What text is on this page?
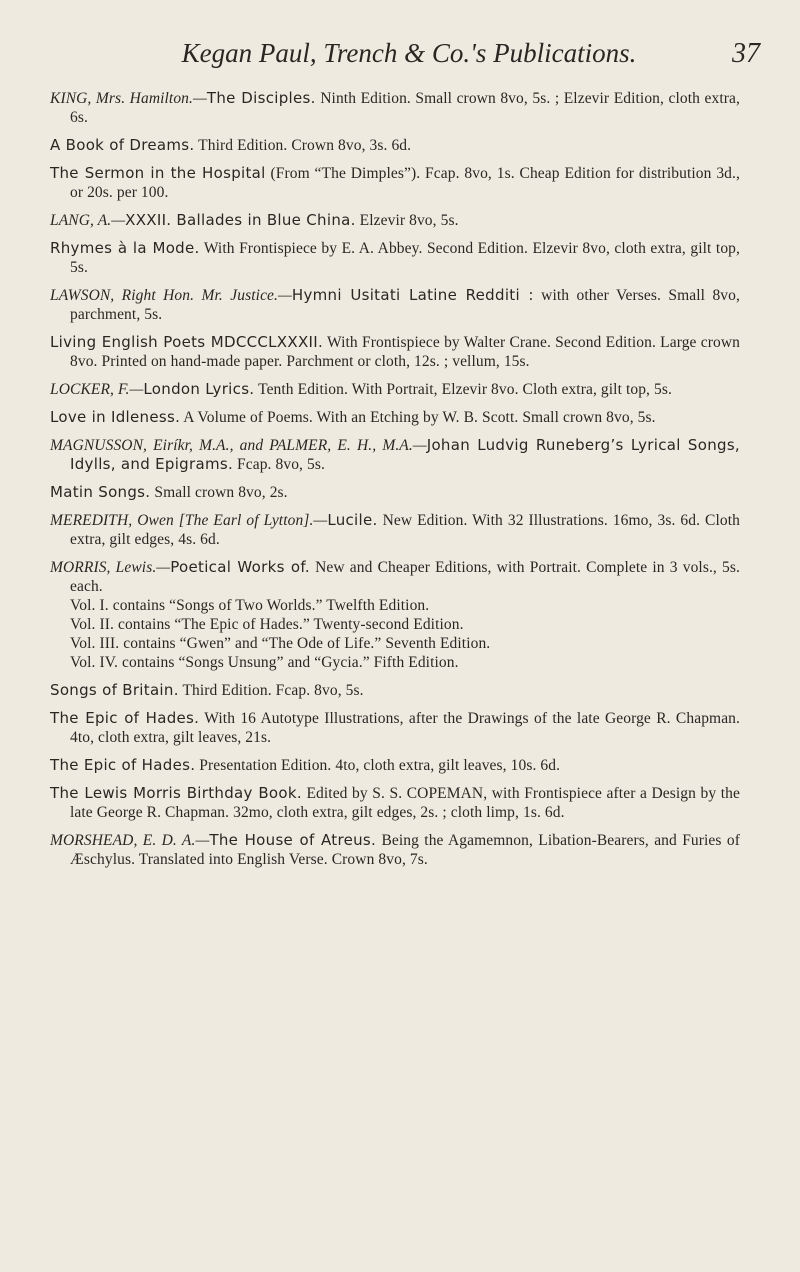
Kegan Paul, Trench & Co.'s Publications.	37

KING, Mrs. Hamilton.—The Disciples. Ninth Edition. Small crown 8vo, 5s. ; Elzevir Edition, cloth extra, 6s.

A Book of Dreams. Third Edition. Crown 8vo, 3s. 6d.

The Sermon in the Hospital (From “The Dimples”). Fcap. 8vo, 1s. Cheap Edition for distribution 3d., or 20s. per 100.

LANG, A.—XXXII. Ballades in Blue China. Elzevir 8vo, 5s.

Rhymes à la Mode. With Frontispiece by E. A. Abbey. Second Edition. Elzevir 8vo, cloth extra, gilt top, 5s.

LAWSON, Right Hon. Mr. Justice.—Hymni Usitati Latine Redditi : with other Verses. Small 8vo, parchment, 5s.

Living English Poets MDCCCLXXXII. With Frontispiece by Walter Crane. Second Edition. Large crown 8vo. Printed on hand-made paper. Parchment or cloth, 12s. ; vellum, 15s.

LOCKER, F.—London Lyrics. Tenth Edition. With Portrait, Elzevir 8vo. Cloth extra, gilt top, 5s.

Love in Idleness. A Volume of Poems. With an Etching by W. B. Scott. Small crown 8vo, 5s.

MAGNUSSON, Eiríkr, M.A., and PALMER, E. H., M.A.—Johan Ludvig Runeberg’s Lyrical Songs, Idylls, and Epigrams. Fcap. 8vo, 5s.

Matin Songs. Small crown 8vo, 2s.

MEREDITH, Owen [The Earl of Lytton].—Lucile. New Edition. With 32 Illustrations. 16mo, 3s. 6d. Cloth extra, gilt edges, 4s. 6d.

MORRIS, Lewis.—Poetical Works of. New and Cheaper Editions, with Portrait. Complete in 3 vols., 5s. each.

Vol. I. contains “Songs of Two Worlds.” Twelfth Edition.

Vol. II. contains “The Epic of Hades.” Twenty-second Edition.

Vol. III. contains “Gwen” and “The Ode of Life.” Seventh Edition.

Vol. IV. contains “Songs Unsung” and “Gycia.” Fifth Edition.

Songs of Britain. Third Edition. Fcap. 8vo, 5s.

The Epic of Hades. With 16 Autotype Illustrations, after the Drawings of the late George R. Chapman. 4to, cloth extra, gilt leaves, 21s.

The Epic of Hades. Presentation Edition. 4to, cloth extra, gilt leaves, 10s. 6d.

The Lewis Morris Birthday Book. Edited by S. S. COPEMAN, with Frontispiece after a Design by the late George R. Chapman. 32mo, cloth extra, gilt edges, 2s. ; cloth limp, 1s. 6d.

MORSHEAD, E. D. A.—The House of Atreus. Being the Agamemnon, Libation-Bearers, and Furies of Æschylus. Translated into English Verse. Crown 8vo, 7s.
